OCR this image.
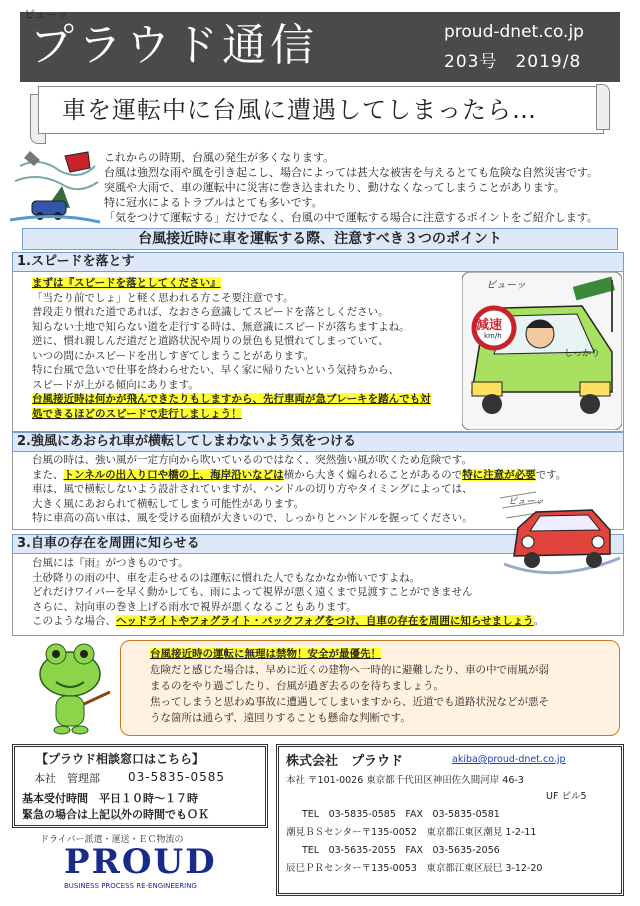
プラウド通信	proud-dnet.co.jp
203号　2019/8
車を運転中に台風に遭遇してしまったら…

これからの時期、台風の発生が多くなります。

台風は強烈な雨や風を引き起こし、場合によっては甚大な被害を与えるとても危険な自然災害です。

突風や大雨で、車の運転中に災害に巻き込まれたり、動けなくなってしまうことがあります。

特に冠水によるトラブルはとても多いです。

「気をつけて運転する」だけでなく、台風の中で運転する場合に注意するポイントをご紹介します。

台風接近時に車を運転する際、注意すべき３つのポイント
1.スピードを落とす

まずは『スピードを落としてください』

「当たり前でしょ」と軽く思われる方こそ要注意です。

普段走り慣れた道であれば、なおさら意識してスピードを落としください。

知らない土地で知らない道を走行する時は、無意識にスピードが落ちますよね。

逆に、慣れ親しんだ道だと道路状況や周りの景色も見慣れてしまっていて、

いつの間にかスピードを出しすぎてしまうことがあります。

特に台風で急いで仕事を終わらせたい、早く家に帰りたいという気持ちから、

スピードが上がる傾向にあります。

台風接近時は何かが飛んできたりもしますから、先行車両が急ブレーキを踏んでも対

処できるほどのスピードで走行しましょう！

ビューッ
減速
km/h
しっかり
ビューッ
2.強風にあおられ車が横転してしまわないよう気をつける

台風の時は、強い風が一定方向から吹いているのではなく、突然強い風が吹くため危険です。

また、トンネルの出入り口や橋の上、海岸沿いなどは横から大きく煽られることがあるので特に注意が必要です。

車は、風で横転しないよう設計されていますが、ハンドルの切り方やタイミングによっては、

大きく風にあおられて横転してしまう可能性があります。

特に車高の高い車は、風を受ける面積が大きいので、しっかりとハンドルを握ってください。

3.自車の存在を周囲に知らせる

台風には『雨』がつきものです。

土砂降りの雨の中、車を走らせるのは運転に慣れた人でもなかなか怖いですよね。

どれだけワイパーを早く動かしても、雨によって視界が悪く遠くまで見渡すことができません

さらに、対向車の巻き上げる雨水で視界が悪くなることもあります。

このような場合、ヘッドライトやフォグライト・バックフォグをつけ、自車の存在を周囲に知らせましょう。

ビューッ

台風接近時の運転に無理は禁物！安全が最優先！

危険だと感じた場合は、早めに近くの建物へ一時的に避難したり、車の中で雨風が弱

まるのをやり過ごしたり、台風が過ぎ去るのを待ちましょう。

焦ってしまうと思わぬ事故に遭遇してしまいますから、近道でも道路状況などが悪そ

うな箇所は通らず、遠回りすることも懸命な判断です。

【プラウド相談窓口はこちら】
本社　管理部 03-5835-0585
基本受付時間　平日１０時〜１７時
緊急の場合は上記以外の時間でもＯＫ
ドライバー派遣・運送・ＥＣ物流の
PROUD
BUSINESS PROCESS RE-ENGINEERING
株式会社　プラウド	akiba@proud-dnet.co.jp
本社 〒101-0026 東京都千代田区神田佐久間河岸 46-3
UF ビル5
TEL　03-5835-0585　FAX　03-5835-0581
潮見ＢＳセンター〒135-0052　東京都江東区潮見 1-2-11
TEL　03-5635-2055　FAX　03-5635-2056
辰巳ＰＲセンター〒135-0053　東京都江東区辰巳 3-12-20
